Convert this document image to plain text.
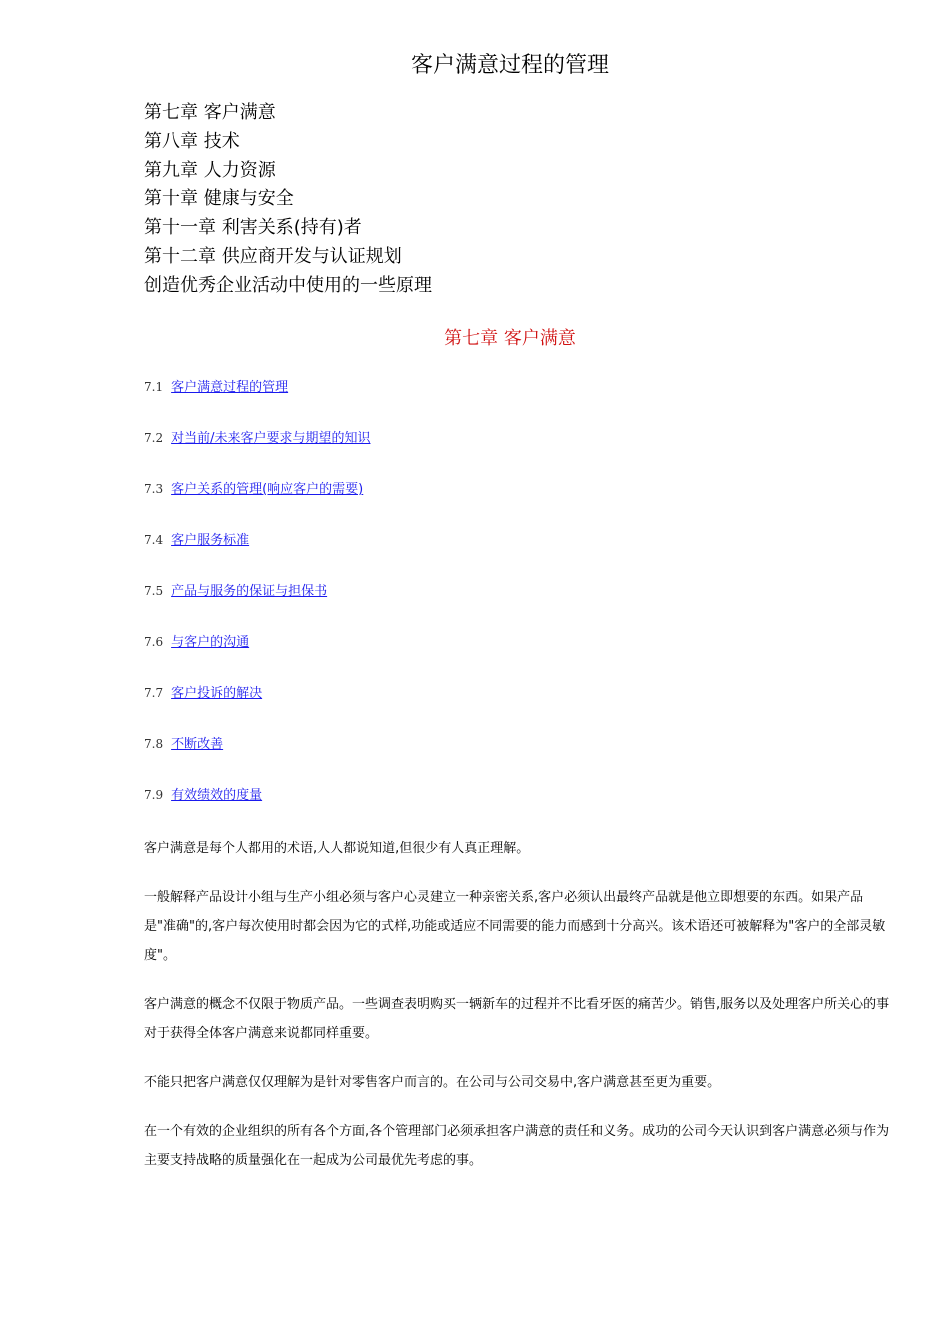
客户满意过程的管理
第七章 客户满意
第八章 技术
第九章 人力资源
第十章 健康与安全
第十一章 利害关系(持有)者
第十二章 供应商开发与认证规划
创造优秀企业活动中使用的一些原理
第七章 客户满意
7.1 客户满意过程的管理
7.2 对当前/未来客户要求与期望的知识
7.3 客户关系的管理(响应客户的需要)
7.4 客户服务标准
7.5 产品与服务的保证与担保书
7.6 与客户的沟通
7.7 客户投诉的解决
7.8 不断改善
7.9 有效绩效的度量

客户满意是每个人都用的术语,人人都说知道,但很少有人真正理解。

一般解释产品设计小组与生产小组必须与客户心灵建立一种亲密关系,客户必须认出最终产品就是他立即想要的东西。如果产品是"准确"的,客户每次使用时都会因为它的式样,功能或适应不同需要的能力而感到十分高兴。该术语还可被解释为"客户的全部灵敏度"。

客户满意的概念不仅限于物质产品。一些调查表明购买一辆新车的过程并不比看牙医的痛苦少。销售,服务以及处理客户所关心的事对于获得全体客户满意来说都同样重要。

不能只把客户满意仅仅理解为是针对零售客户而言的。在公司与公司交易中,客户满意甚至更为重要。

在一个有效的企业组织的所有各个方面,各个管理部门必须承担客户满意的责任和义务。成功的公司今天认识到客户满意必须与作为主要支持战略的质量强化在一起成为公司最优先考虑的事。
